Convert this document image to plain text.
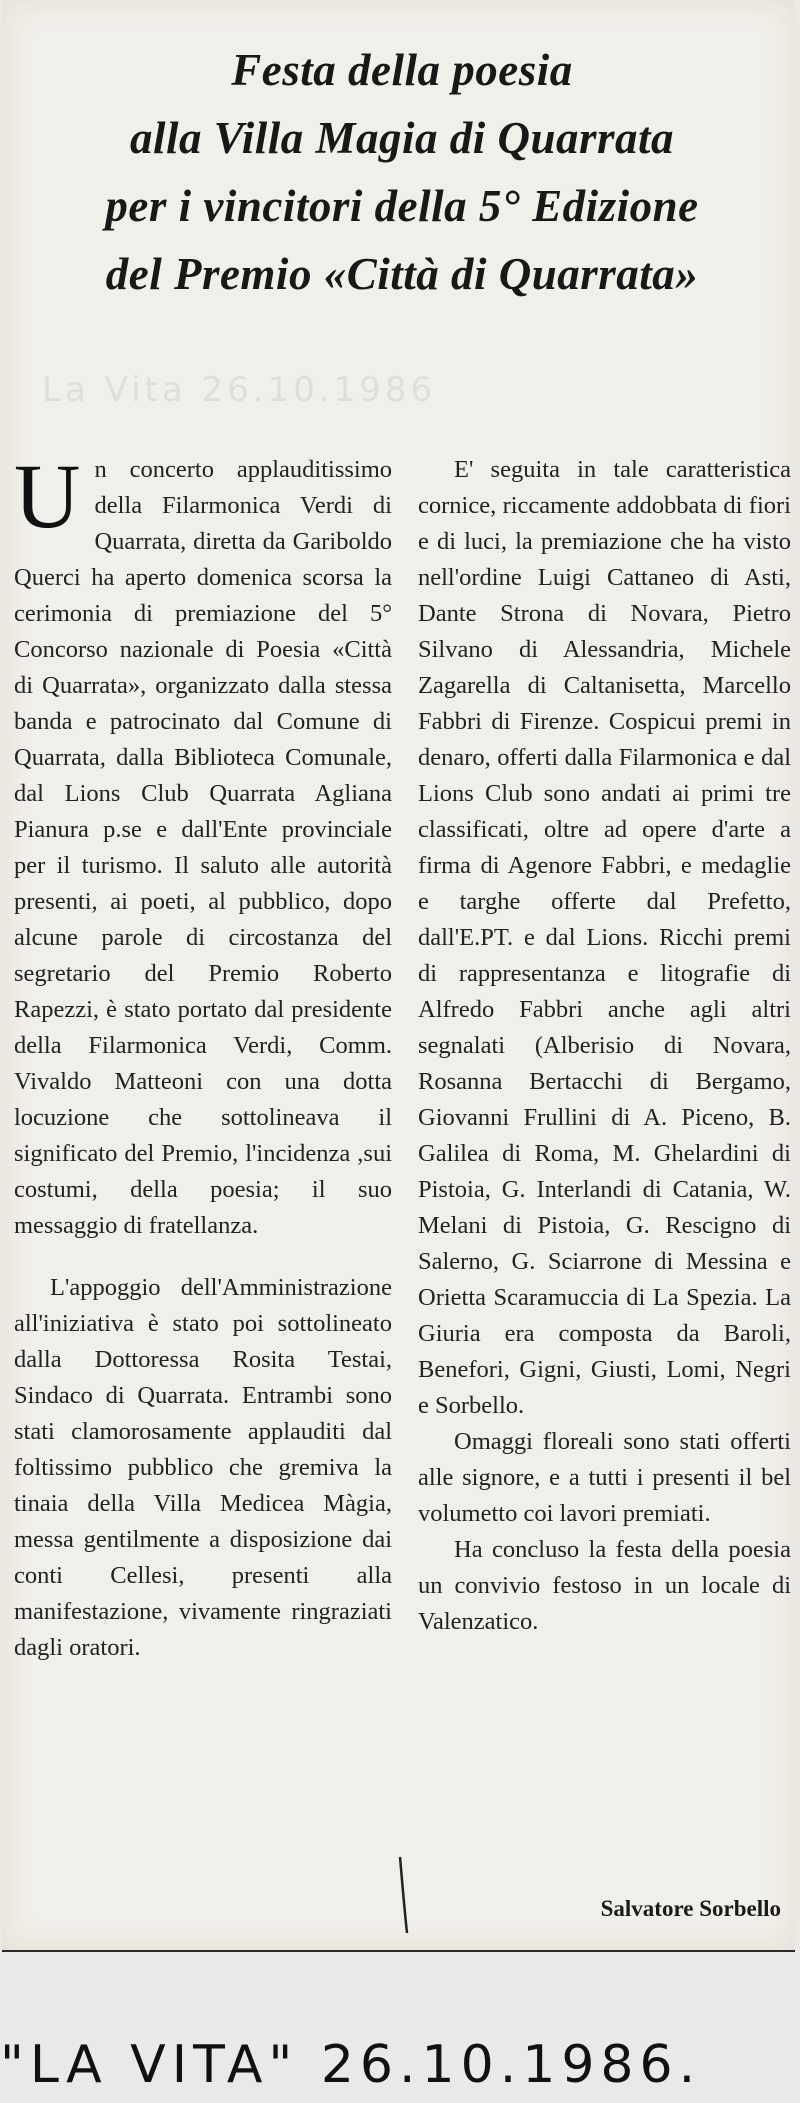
Festa della poesia
alla Villa Magia di Quarrata
per i vincitori della 5° Edizione
del Premio «Città di Quarrata»
La Vita 26.10.1986

Un concerto applauditissimo della Filarmonica Verdi di Quarrata, diretta da Gariboldo Querci ha aperto domenica scorsa la cerimonia di premiazione del 5° Concorso nazionale di Poesia «Città di Quarrata», organizzato dalla stessa banda e patrocinato dal Comune di Quarrata, dalla Biblioteca Comunale, dal Lions Club Quarrata Agliana Pianura p.se e dall'Ente provinciale per il turismo. Il saluto alle autorità presenti, ai poeti, al pubblico, dopo alcune parole di circostanza del segretario del Premio Roberto Rapezzi, è stato portato dal presidente della Filarmonica Verdi, Comm. Vivaldo Matteoni con una dotta locuzione che sottolineava il significato del Premio, l'incidenza ,sui costumi, della poesia; il suo messaggio di fratellanza.

L'appoggio dell'Amministrazione all'iniziativa è stato poi sottolineato dalla Dottoressa Rosita Testai, Sindaco di Quarrata. Entrambi sono stati clamorosamente applauditi dal foltissimo pubblico che gremiva la tinaia della Villa Medicea Màgia, messa gentilmente a disposizione dai conti Cellesi, presenti alla manifestazione, vivamente ringraziati dagli oratori.

E' seguita in tale caratteristica cornice, riccamente addobbata di fiori e di luci, la premiazione che ha visto nell'ordine Luigi Cattaneo di Asti, Dante Strona di Novara, Pietro Silvano di Alessandria, Michele Zagarella di Caltanisetta, Marcello Fabbri di Firenze. Cospicui premi in denaro, offerti dalla Filarmonica e dal Lions Club sono andati ai primi tre classificati, oltre ad opere d'arte a firma di Agenore Fabbri, e medaglie e targhe offerte dal Prefetto, dall'E.PT. e dal Lions. Ricchi premi di rappresentanza e litografie di Alfredo Fabbri anche agli altri segnalati (Alberisio di Novara, Rosanna Bertacchi di Bergamo, Giovanni Frullini di A. Piceno, B. Galilea di Roma, M. Ghelardini di Pistoia, G. Interlandi di Catania, W. Melani di Pistoia, G. Rescigno di Salerno, G. Sciarrone di Messina e Orietta Scaramuccia di La Spezia. La Giuria era composta da Baroli, Benefori, Gigni, Giusti, Lomi, Negri e Sorbello.

Omaggi floreali sono stati offerti alle signore, e a tutti i presenti il bel volumetto coi lavori premiati.

Ha concluso la festa della poesia un convivio festoso in un locale di Valenzatico.

Salvatore Sorbello
"LA VITA" 26.10.1986.
